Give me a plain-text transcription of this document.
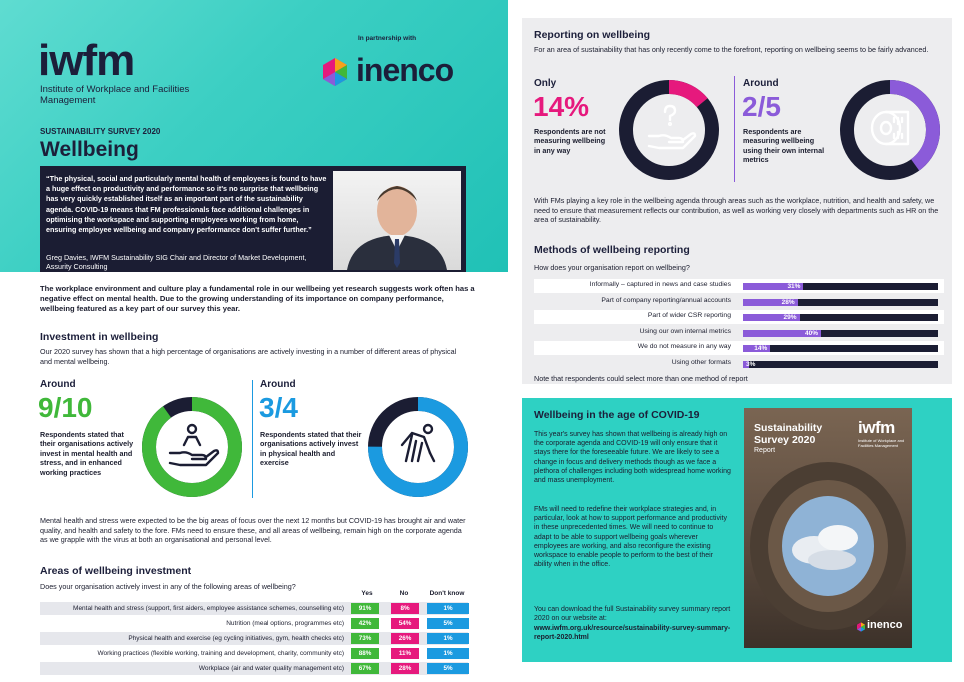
iwfm
Institute of Workplace and Facilities Management
In partnership with
inenco
SUSTAINABILITY SURVEY 2020
Wellbeing
“The physical, social and particularly mental health of employees is found to have a huge effect on productivity and performance so it's no surprise that wellbeing has very quickly established itself as an important part of the sustainability agenda. COVID-19 means that FM professionals face additional challenges in optimising the workspace and supporting employees working from home, ensuring employee wellbeing and company performance don't suffer further.”
Greg Davies, IWFM Sustainability SIG Chair and Director of Market Development, Assurity Consulting
The workplace environment and culture play a fundamental role in our wellbeing yet research suggests work often has a negative effect on mental health. Due to the growing understanding of its importance on company performance, wellbeing featured as a key part of our survey this year.
Investment in wellbeing
Our 2020 survey has shown that a high percentage of organisations are actively investing in a number of different areas of physical and mental wellbeing.
Around
9/10
Respondents stated that their organisations actively invest in mental health and stress, and in enhanced working practices
Around
3/4
Respondents stated that their organisations actively invest in physical health and exercise
Mental health and stress were expected to be the big areas of focus over the next 12 months but COVID-19 has brought air and water quality, and health and safety to the fore. FMs need to ensure these, and all areas of wellbeing, remain high on the corporate agenda as we grapple with the virus at both an organisational and personal level.
Areas of wellbeing investment
Does your organisation actively invest in any of the following areas of wellbeing?
Yes	No	Don't know
Mental health and stress (support, first aiders, employee assistance schemes, counselling etc)	91%	8%	1%
Nutrition (meal options, programmes etc)	42%	54%	5%
Physical health and exercise (eg cycling initiatives, gym, health checks etc)	73%	26%	1%
Working practices (flexible working, training and development, charity, community etc)	88%	11%	1%
Workplace (air and water quality management etc)	67%	28%	5%
Reporting on wellbeing
For an area of sustainability that has only recently come to the forefront, reporting on wellbeing seems to be fairly advanced.
Only
14%
Respondents are not measuring wellbeing in any way
Around
2/5
Respondents are measuring wellbeing using their own internal metrics
With FMs playing a key role in the wellbeing agenda through areas such as the workplace, nutrition, and health and safety, we need to ensure that measurement reflects our contribution, as well as working very closely with departments such as HR on the area of sustainability.
Methods of wellbeing reporting
How does your organisation report on wellbeing?
Informally – captured in news and case studies	31%
Part of company reporting/annual accounts	28%
Part of wider CSR reporting	29%
Using our own internal metrics	40%
We do not measure in any way	14%
Using other formats 3%
Note that respondents could select more than one method of report
Wellbeing in the age of COVID-19
This year's survey has shown that wellbeing is already high on the corporate agenda and COVID-19 will only ensure that it stays there for the foreseeable future. We are likely to see a change in focus and delivery methods though as we face a plethora of challenges including both widespread home working and mass unemployment.
FMs will need to redefine their workplace strategies and, in particular, look at how to support performance and productivity in these unprecedented times. We will need to continue to adapt to be able to support wellbeing goals wherever employees are working, and also reconfigure the existing workspace to enable people to perform to the best of their ability when in the office.
You can download the full Sustainability survey summary report 2020 on our website at:
www.iwfm.org.uk/resource/sustainability-survey-summary-report-2020.html
Sustainability Survey 2020
Report
iwfm
Institute of Workplace and Facilities Management
inenco
